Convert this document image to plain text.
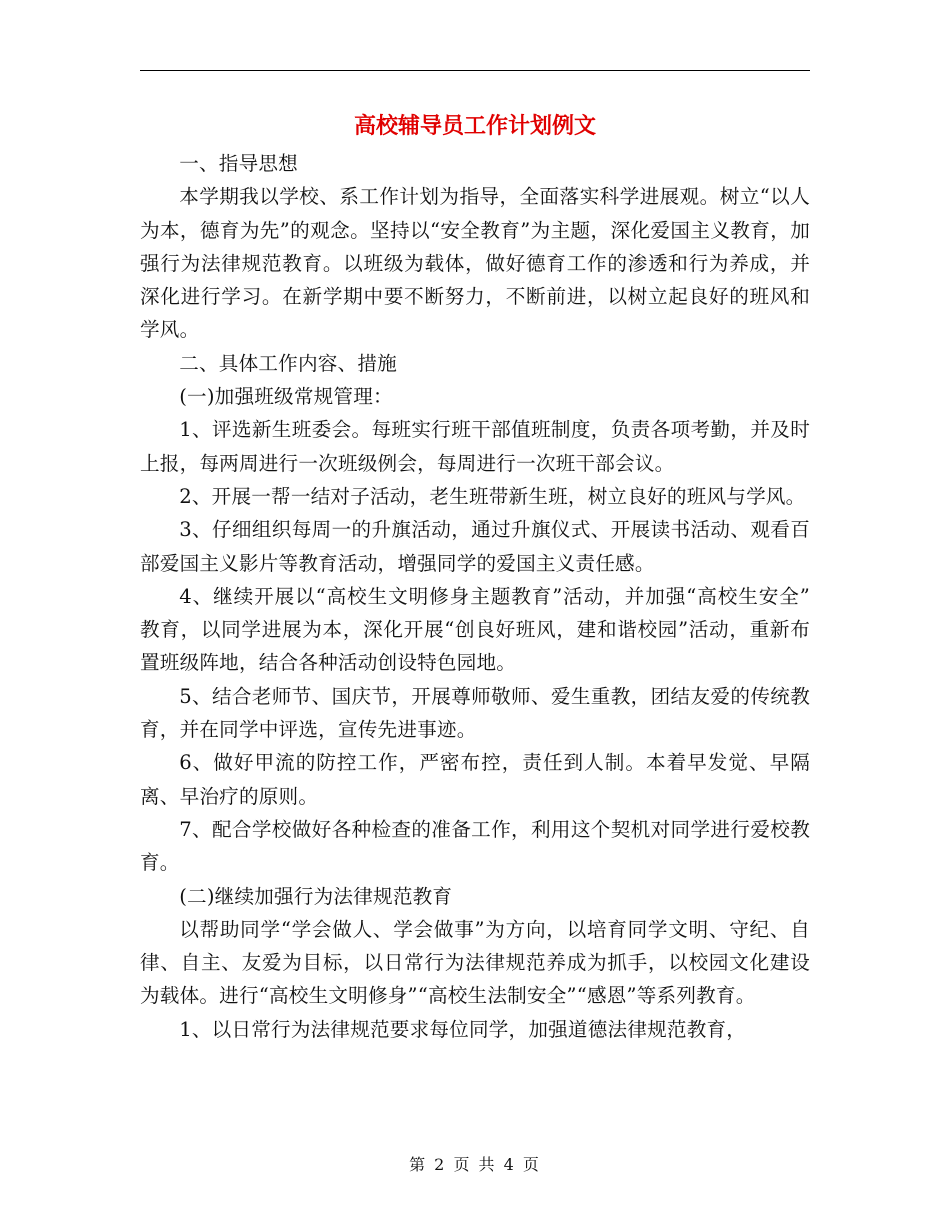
高校辅导员工作计划例文

一、指导思想

本学期我以学校、系工作计划为指导，全面落实科学进展观。树立“以人为本，德育为先”的观念。坚持以“安全教育”为主题，深化爱国主义教育，加强行为法律规范教育。以班级为载体，做好德育工作的渗透和行为养成，并深化进行学习。在新学期中要不断努力，不断前进，以树立起良好的班风和学风。

二、具体工作内容、措施

(一)加强班级常规管理：

1、评选新生班委会。每班实行班干部值班制度，负责各项考勤，并及时上报，每两周进行一次班级例会，每周进行一次班干部会议。

2、开展一帮一结对子活动，老生班带新生班，树立良好的班风与学风。

3、仔细组织每周一的升旗活动，通过升旗仪式、开展读书活动、观看百部爱国主义影片等教育活动，增强同学的爱国主义责任感。

4、继续开展以“高校生文明修身主题教育”活动，并加强“高校生安全” 教育，以同学进展为本，深化开展“创良好班风，建和谐校园”活动，重新布置班级阵地，结合各种活动创设特色园地。

5、结合老师节、国庆节，开展尊师敬师、爱生重教，团结友爱的传统教育，并在同学中评选，宣传先进事迹。

6、做好甲流的防控工作，严密布控，责任到人制。本着早发觉、早隔离、早治疗的原则。

7、配合学校做好各种检查的准备工作，利用这个契机对同学进行爱校教育。

(二)继续加强行为法律规范教育

以帮助同学“学会做人、学会做事”为方向，以培育同学文明、守纪、自律、自主、友爱为目标，以日常行为法律规范养成为抓手，以校园文化建设为载体。进行“高校生文明修身”“高校生法制安全”“感恩”等系列教育。

1、以日常行为法律规范要求每位同学，加强道德法律规范教育，

第 2 页 共 4 页
